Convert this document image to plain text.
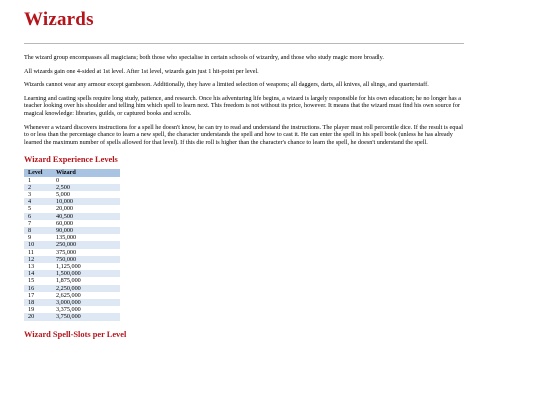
Wizards

The wizard group encompasses all magicians; both those who specialise in certain schools of wizardry, and those who study magic more broadly.

All wizards gain one 4-sided at 1st level. After 1st level, wizards gain just 1 hit-point per level.

Wizards cannot wear any armour except gambeson. Additionally, they have a limited selection of weapons; all daggers, darts, all knives, all slings, and quarterstaff.

Learning and casting spells require long study, patience, and research. Once his adventuring life begins, a wizard is largely responsible for his own education; he no longer has a teacher looking over his shoulder and telling him which spell to learn next. This freedom is not without its price, however. It means that the wizard must find his own source for magical knowledge: libraries, guilds, or captured books and scrolls.

Whenever a wizard discovers instructions for a spell he doesn't know, he can try to read and understand the instructions. The player must roll percentile dice. If the result is equal to or less than the percentage chance to learn a new spell, the character understands the spell and how to cast it. He can enter the spell in his spell book (unless he has already learned the maximum number of spells allowed for that level). If this die roll is higher than the character's chance to learn the spell, he doesn't understand the spell.

Wizard Experience Levels
Level	Wizard
1	0
2	2,500
3	5,000
4	10,000
5	20,000
6	40,500
7	60,000
8	90,000
9	135,000
10	250,000
11	375,000
12	750,000
13	1,125,000
14	1,500,000
15	1,875,000
16	2,250,000
17	2,625,000
18	3,000,000
19	3,375,000
20	3,750,000
Wizard Spell-Slots per Level
